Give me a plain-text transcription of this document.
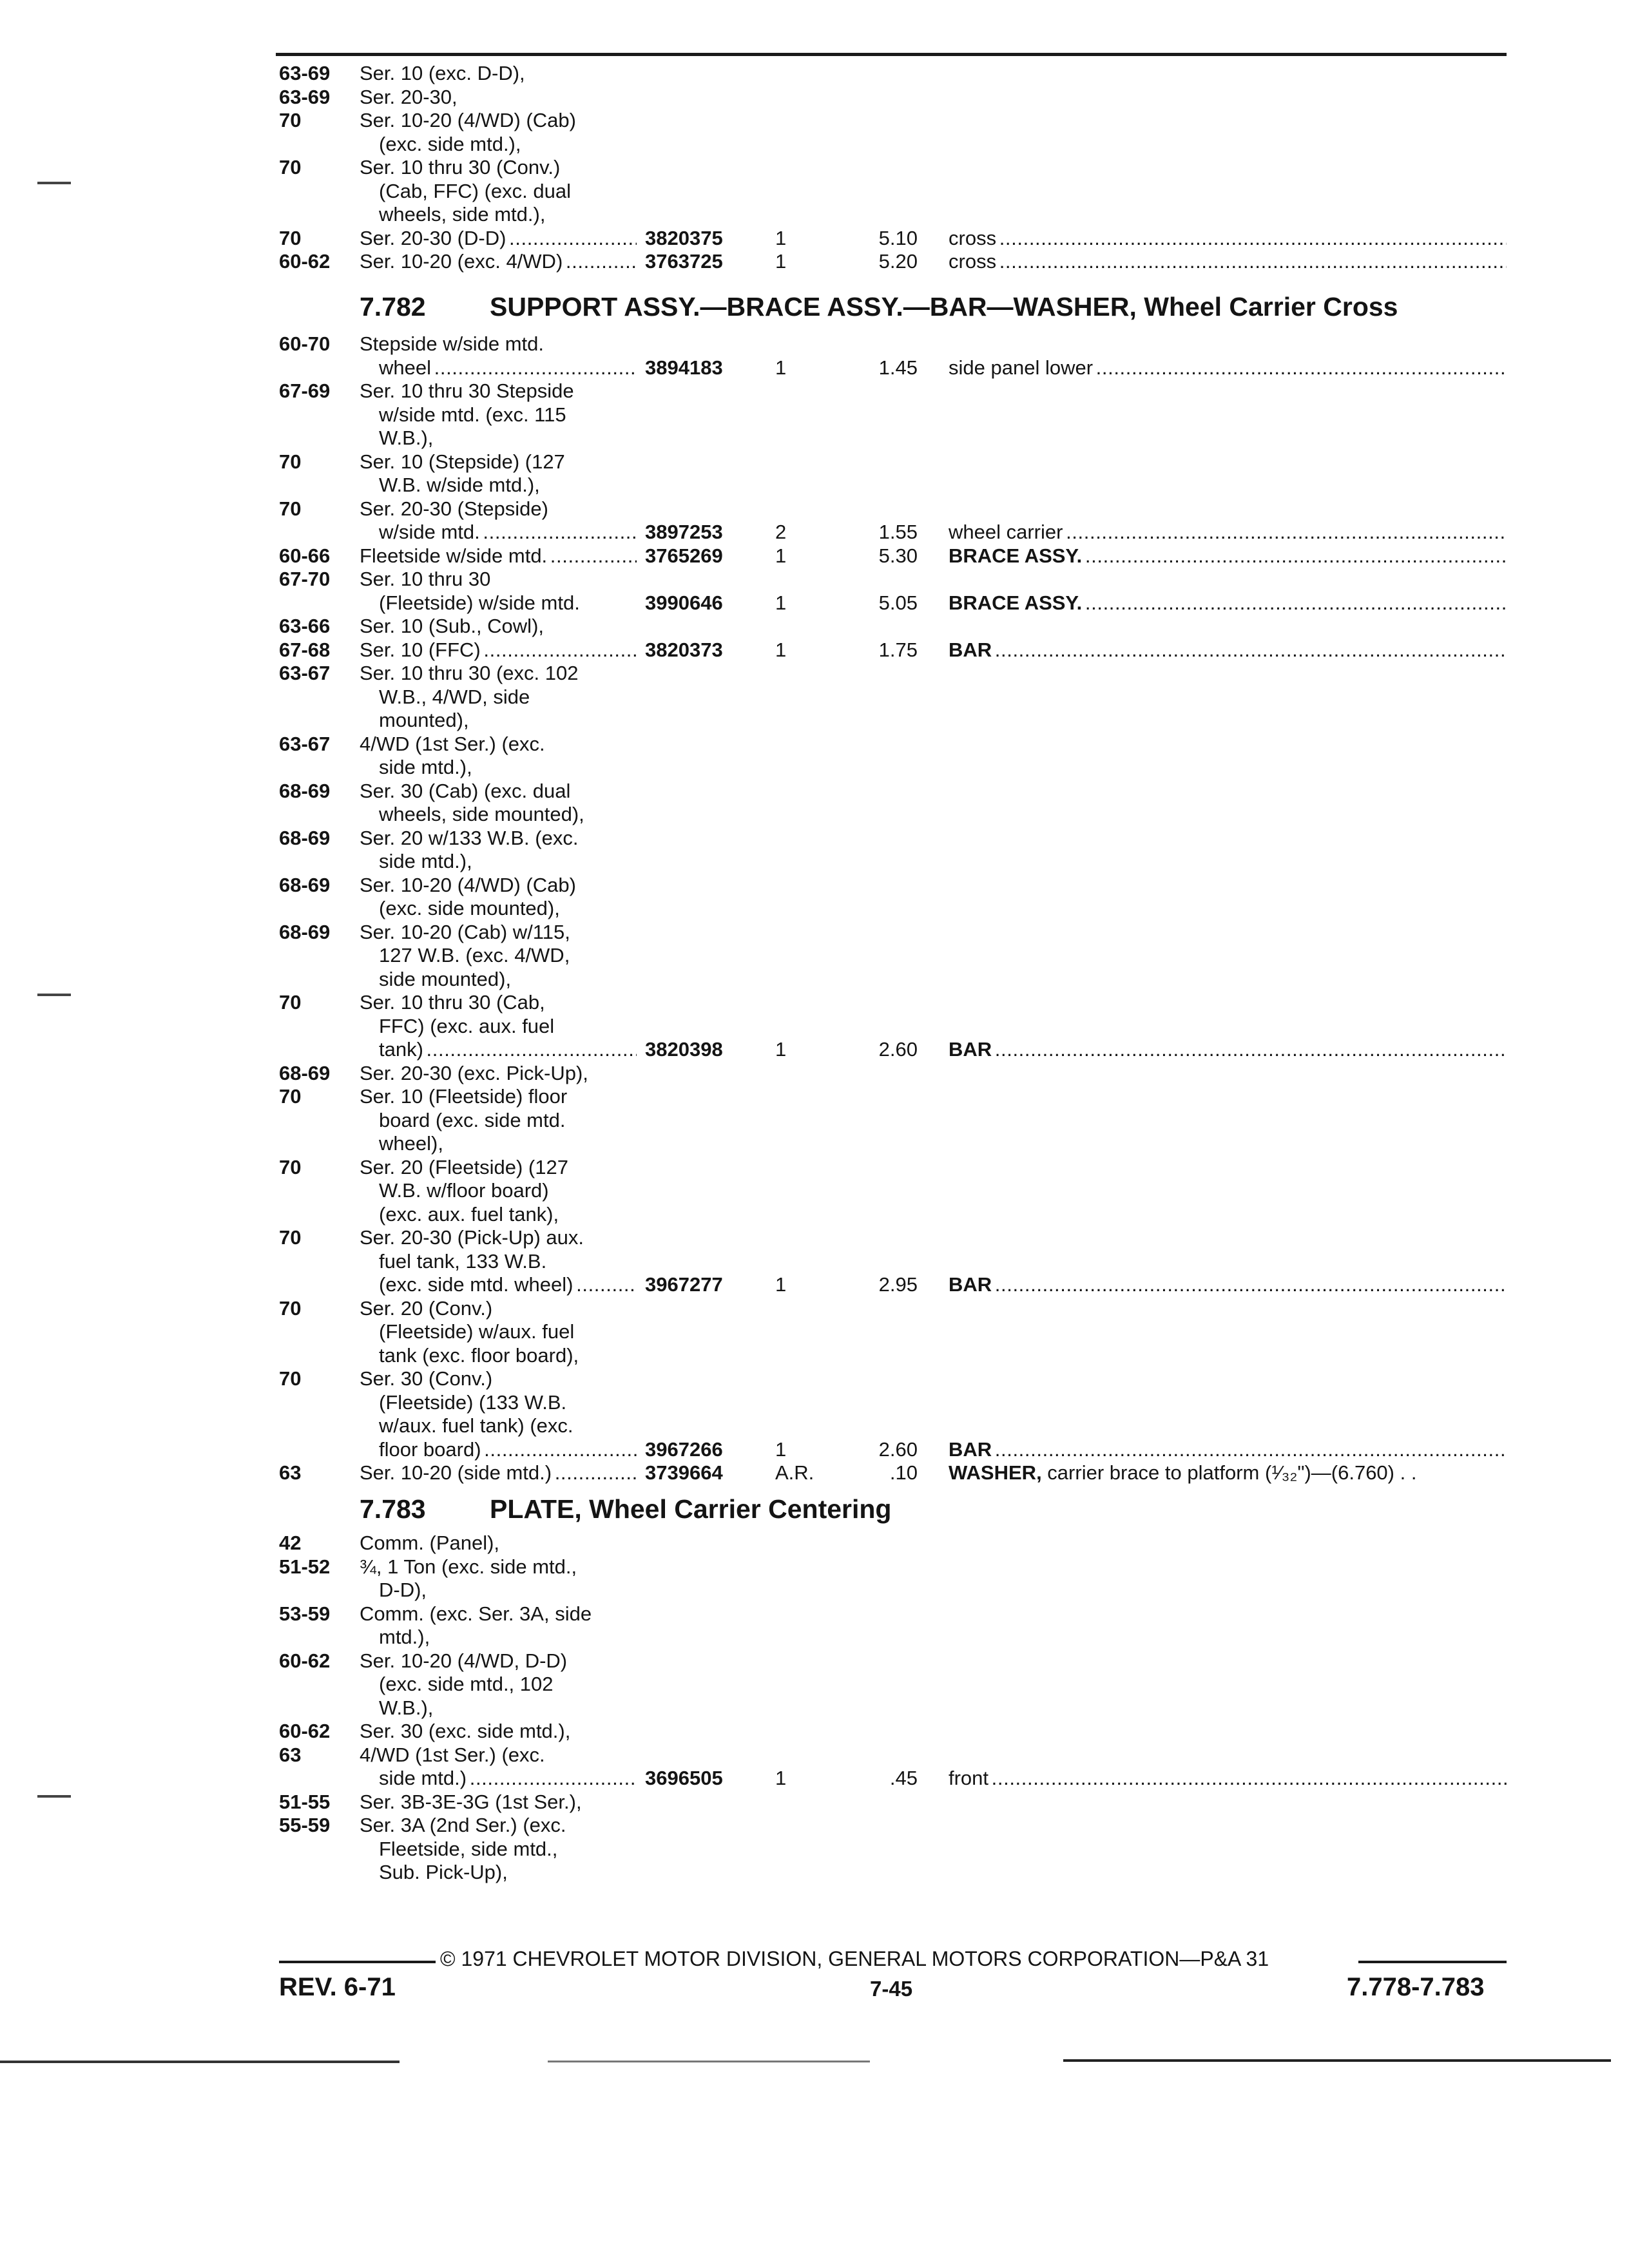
63-69 Ser. 10 (exc. D-D),
63-69 Ser. 20-30,
70	Ser. 10-20 (4/WD) (Cab)
(exc. side mtd.),
70	Ser. 10 thru 30 (Conv.)
(Cab, FFC) (exc. dual
wheels, side mtd.),
70	Ser. 20-30 (D-D) . . .	3820375	1	5.10 cross . . .
60-62 Ser. 10-20 (exc. 4/WD) . . .	3763725	1	5.20 cross . . .
60-70 Stepside w/side mtd.
wheel . . .	3894183	1	1.45 side panel lower . . .
67-69 Ser. 10 thru 30 Stepside
w/side mtd. (exc. 115
W.B.),
70	Ser. 10 (Stepside) (127
W.B. w/side mtd.),
70	Ser. 20-30 (Stepside)
w/side mtd. . . .	3897253	2	1.55 wheel carrier . . .
60-66 Fleetside w/side mtd. . . .	3765269	1	5.30 BRACE ASSY. . . .
67-70 Ser. 10 thru 30
(Fleetside) w/side mtd.	3990646	1	5.05 BRACE ASSY. . . .
63-66 Ser. 10 (Sub., Cowl),
67-68 Ser. 10 (FFC) . . .	3820373	1	1.75 BAR . . .
63-67 Ser. 10 thru 30 (exc. 102
W.B., 4/WD, side
mounted),
63-67 4/WD (1st Ser.) (exc.
side mtd.),
68-69 Ser. 30 (Cab) (exc. dual
wheels, side mounted),
68-69 Ser. 20 w/133 W.B. (exc.
side mtd.),
68-69 Ser. 10-20 (4/WD) (Cab)
(exc. side mounted),
68-69 Ser. 10-20 (Cab) w/115,
127 W.B. (exc. 4/WD,
side mounted),
70	Ser. 10 thru 30 (Cab,
FFC) (exc. aux. fuel
tank) . . .	3820398	1	2.60 BAR . . .
68-69 Ser. 20-30 (exc. Pick-Up),
70	Ser. 10 (Fleetside) floor
board (exc. side mtd.
wheel),
70	Ser. 20 (Fleetside) (127
W.B. w/floor board)
(exc. aux. fuel tank),
70	Ser. 20-30 (Pick-Up) aux.
fuel tank, 133 W.B.
(exc. side mtd. wheel) . . .	3967277	1	2.95 BAR . . .
70	Ser. 20 (Conv.)
(Fleetside) w/aux. fuel
tank (exc. floor board),
70	Ser. 30 (Conv.)
(Fleetside) (133 W.B.
w/aux. fuel tank) (exc.
floor board) . . .	3967266	1	2.60 BAR . . .
63	Ser. 10-20 (side mtd.) . . .	3739664	A.R.	.10 WASHER, carrier brace to platform (¹⁄₃₂")—(6.760) . .
42	Comm. (Panel),
51-52 ¾, 1 Ton (exc. side mtd.,
D-D),
53-59 Comm. (exc. Ser. 3A, side
mtd.),
60-62 Ser. 10-20 (4/WD, D-D)
(exc. side mtd., 102
W.B.),
60-62 Ser. 30 (exc. side mtd.),
63	4/WD (1st Ser.) (exc.
side mtd.) . . .	3696505	1	.45 front . . .
51-55 Ser. 3B-3E-3G (1st Ser.),
55-59 Ser. 3A (2nd Ser.) (exc.
Fleetside, side mtd.,
Sub. Pick-Up),
7.782 SUPPORT ASSY.—BRACE ASSY.—BAR—WASHER, Wheel Carrier Cross
7.783 PLATE, Wheel Carrier Centering
© 1971 CHEVROLET MOTOR DIVISION, GENERAL MOTORS CORPORATION—P&A 31
REV. 6-71	7-45	7.778-7.783
